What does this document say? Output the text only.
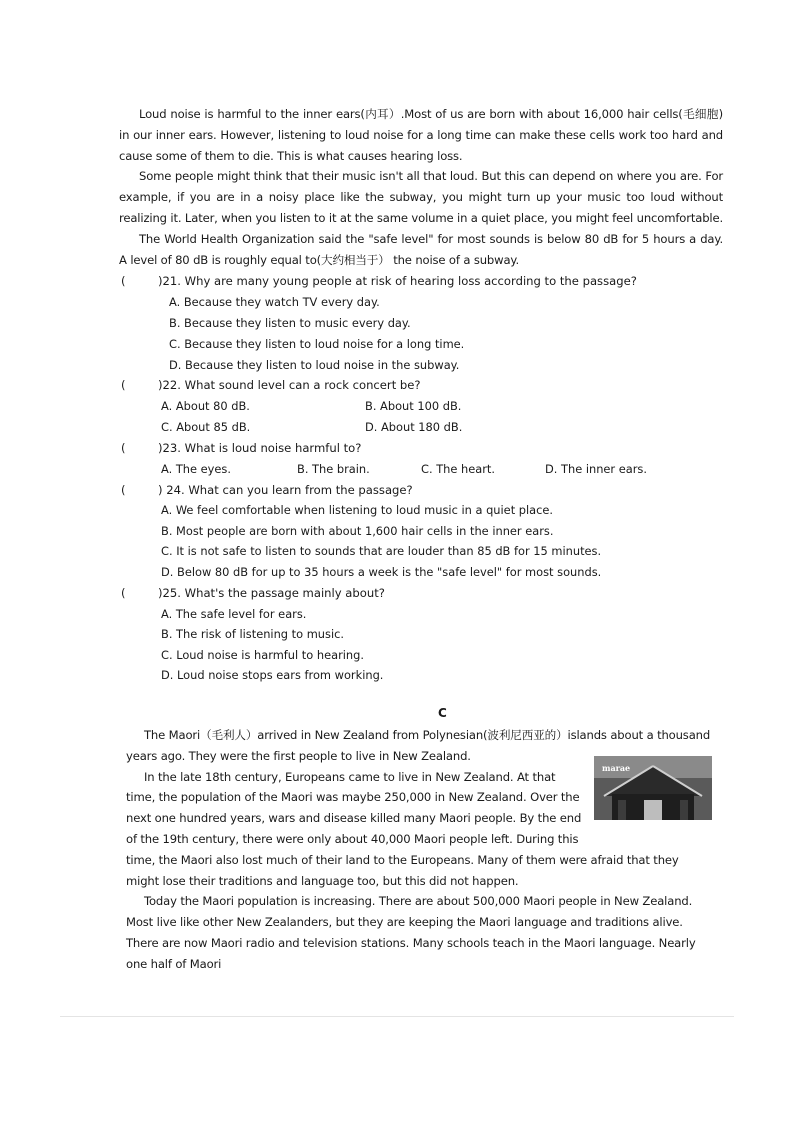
Loud noise is harmful to the inner ears(内耳）.Most of us are born with about 16,000 hair cells(毛细胞) in our inner ears. However, listening to loud noise for a long time can make these cells work too hard and cause some of them to die. This is what causes hearing loss.

Some people might think that their music isn't all that loud. But this can depend on where you are. For example, if you are in a noisy place like the subway, you might turn up your music too loud without realizing it. Later, when you listen to it at the same volume in a quiet place, you might feel uncomfortable.

The World Health Organization said the "safe level" for most sounds is below 80 dB for 5 hours a day. A level of 80 dB is roughly equal to(大约相当于） the noise of a subway.

(	)21. Why are many young people at risk of hearing loss according to the passage?
A. Because they watch TV every day.
B. Because they listen to music every day.
C. Because they listen to loud noise for a long time.
D. Because they listen to loud noise in the subway.
(	)22. What sound level can a rock concert be?
A. About 80 dB.	B. About 100 dB.
C. About 85 dB.	D. About 180 dB.
(	)23. What is loud noise harmful to?
A. The eyes.	B. The brain.	C. The heart.	D. The inner ears.
(	) 24. What can you learn from the passage?
A. We feel comfortable when listening to loud music in a quiet place.
B. Most people are born with about 1,600 hair cells in the inner ears.
C. It is not safe to listen to sounds that are louder than 85 dB for 15 minutes.
D. Below 80 dB for up to 35 hours a week is the "safe level" for most sounds.
(	)25. What's the passage mainly about?
A. The safe level for ears.
B. The risk of listening to music.
C. Loud noise is harmful to hearing.
D. Loud noise stops ears from working.
C

The Maori（毛利人）arrived in New Zealand from Polynesian(波利尼西亚的）islands about a thousand years ago. They were the first people to live in New Zealand.

In the late 18th century, Europeans came to live in New Zealand. At that time, the population of the Maori was maybe 250,000 in New Zealand. Over the next one hundred years, wars and disease killed many Maori people. By the end of the 19th century, there were only about 40,000 Maori people left. During this time, the Maori also lost much of their land to the Europeans. Many of them were afraid that they might lose their traditions and language too, but this did not happen.

Today the Maori population is increasing. There are about 500,000 Maori people in New Zealand. Most live like other New Zealanders, but they are keeping the Maori language and traditions alive. There are now Maori radio and television stations. Many schools teach in the Maori language. Nearly one half of Maori

marae
